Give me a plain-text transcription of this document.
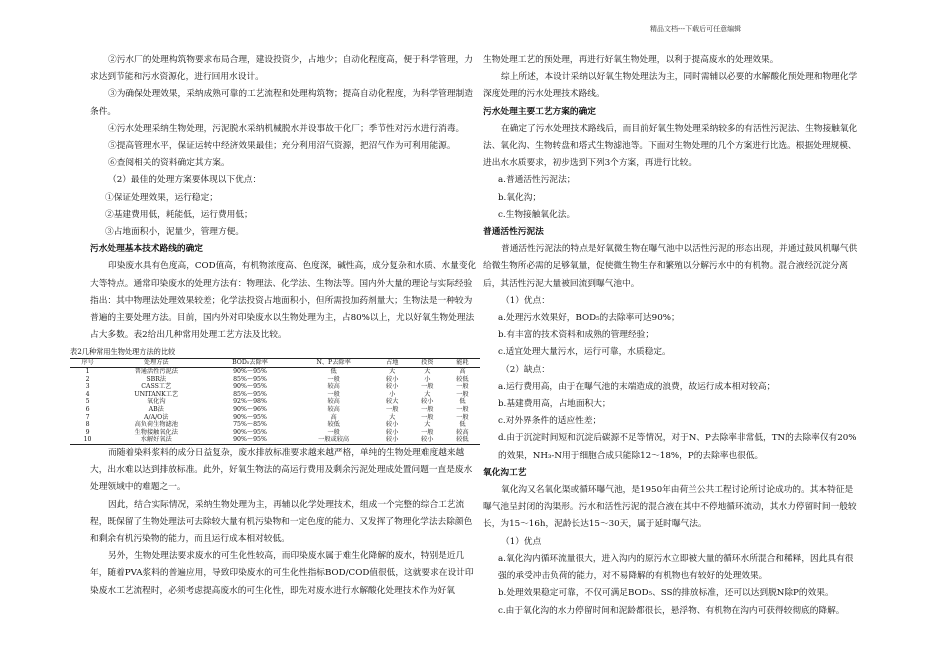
精品文档---下载后可任意编辑

②污水厂的处理构筑物要求布局合理，建设投资少，占地少；自动化程度高，便于科学管理，力求达到节能和污水资源化，进行回用水设计。

③为确保处理效果，采纳成熟可靠的工艺流程和处理构筑物；提高自动化程度，为科学管理制造条件。

④污水处理采纳生物处理，污泥脱水采纳机械脱水并设事故干化厂；季节性对污水进行消毒。

⑤提高管理水平，保证运转中经济效果最佳；充分利用沼气资源，把沼气作为可利用能源。

⑥查阅相关的资料确定其方案。

（2）最佳的处理方案要体现以下优点：

①保证处理效果，运行稳定；

②基建费用低，耗能低，运行费用低；

③占地面积小，泥量少，管理方便。

污水处理基本技术路线的确定

印染废水具有色度高，COD值高，有机物浓度高、色度深，碱性高，成分复杂和水质、水量变化大等特点。通常印染废水的处理方法有：物理法、化学法、生物法等。国内外大量的理论与实际经验指出：其中物理法处理效果较差；化学法投资占地面积小，但所需投加药剂量大；生物法是一种较为普遍的主要处理方法。目前，国内外对印染废水以生物处理为主，占80%以上，尤以好氧生物处理法占大多数。表2给出几种常用处理工艺方法及比较。

表2几种常用生物处理方法的比较

序号	处理方法	BOD₅去除率	N、P去除率	占地	投资	能耗
1	普通活性污泥法	90%～95%	低	大	大	高
2	SBR法	85%～95%	一般	较小	小	较低
3	CASS工艺	90%～95%	较高	较小	一般	一般
4	UNITANK工艺	85%～95%	一般	小	大	一般
5	氧化沟	92%～98%	较高	较大	较小	低
6	AB法	90%～96%	较高	一般	一般	一般
7	A/A/O法	90%～95%	高	大	一般	一般
8	高负荷生物滤池	75%～85%	较低	较小	大	低
9	生物接触氧化法	90%～95%	一般	较小	一般	较高
10	水解好氧法	90%～95%	一般或较高	较小	较小	较低

而随着染料浆料的成分日益复杂，废水排放标准要求越来越严格，单纯的生物处理难度越来越大，出水难以达到排放标准。此外，好氧生物法的高运行费用及剩余污泥处理成处置问题一直是废水处理领域中的难题之一。

因此，结合实际情况，采纳生物处理为主，再辅以化学处理技术，组成一个完整的综合工艺流程，既保留了生物处理法可去除较大量有机污染物和一定色度的能力、又发挥了物理化学法去除颜色和剩余有机污染物的能力，而且运行成本相对较低。

另外，生物处理法要求废水的可生化性较高，而印染废水属于难生化降解的废水，特别是近几年，随着PVA浆料的普遍应用，导致印染废水的可生化性指标BOD/COD值很低，这就要求在设计印染废水工艺流程时，必须考虑提高废水的可生化性，即先对废水进行水解酸化处理技术作为好氧

生物处理工艺的预处理，再进行好氧生物处理，以利于提高废水的处理效果。

综上所述，本设计采纳以好氧生物处理法为主，同时需辅以必要的水解酸化预处理和物理化学深度处理的污水处理技术路线。

污水处理主要工艺方案的确定

在确定了污水处理技术路线后，而目前好氧生物处理采纳较多的有活性污泥法、生物接触氧化法、氧化沟、生物转盘和塔式生物滤池等。下面对生物处理的几个方案进行比选。根据处理规模、进出水水质要求，初步选到下列3个方案，再进行比较。

a.普通活性污泥法；

b.氧化沟；

c.生物接触氧化法。

普通活性污泥法

普通活性污泥法的特点是好氧微生物在曝气池中以活性污泥的形态出现，并通过鼓风机曝气供给微生物所必需的足够氧量，促使微生物生存和繁殖以分解污水中的有机物。混合液经沉淀分离后，其活性污泥大量被回流到曝气池中。

（1）优点：

a.处理污水效果好，BOD₅的去除率可达90%；

b.有丰富的技术资料和成熟的管理经验；

c.适宜处理大量污水，运行可靠，水质稳定。

（2）缺点：

a.运行费用高，由于在曝气池的末端造成的浪费，故运行成本相对较高；

b.基建费用高，占地面积大；

c.对外界条件的适应性差；

d.由于沉淀时间短和沉淀后碳源不足等情况，对于N、P去除率非常低，TN的去除率仅有20%的效果，NH₃-N用于细胞合成只能除12～18%，P的去除率也很低。

氧化沟工艺

氧化沟又名氧化渠或循环曝气池，是1950年由荷兰公共工程讨论所讨论成功的。其本特征是曝气池呈封闭的沟渠形。污水和活性污泥的混合液在其中不停地循环流动，其水力停留时间一般较长，为15～16h，泥龄长达15～30天，属于延时曝气法。

（1）优点

a.氧化沟内循环流量很大，进入沟内的原污水立即被大量的循环水所混合和稀释，因此具有很强的承受冲击负荷的能力，对不易降解的有机物也有较好的处理效果。

b.处理效果稳定可靠，不仅可满足BOD₅、SS的排放标准，还可以达到脱N除P的效果。

c.由于氧化沟的水力停留时间和泥龄都很长，悬浮物、有机物在沟内可获得较彻底的降解。
